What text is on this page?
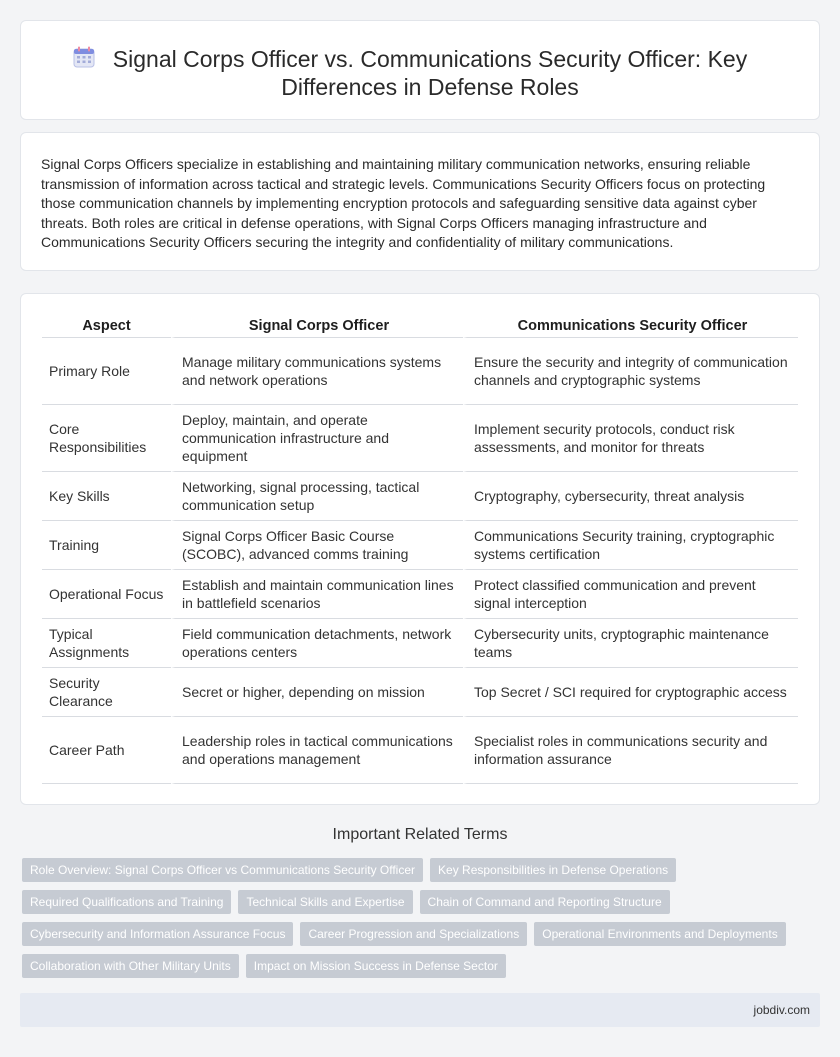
Signal Corps Officer vs. Communications Security Officer: Key Differences in Defense Roles

Signal Corps Officers specialize in establishing and maintaining military communication networks, ensuring reliable transmission of information across tactical and strategic levels. Communications Security Officers focus on protecting those communication channels by implementing encryption protocols and safeguarding sensitive data against cyber threats. Both roles are critical in defense operations, with Signal Corps Officers managing infrastructure and Communications Security Officers securing the integrity and confidentiality of military communications.

Aspect	Signal Corps Officer	Communications Security Officer
Primary Role	Manage military communications systems and network operations	Ensure the security and integrity of communication channels and cryptographic systems
Core Responsibilities	Deploy, maintain, and operate communication infrastructure and equipment	Implement security protocols, conduct risk assessments, and monitor for threats
Key Skills	Networking, signal processing, tactical communication setup	Cryptography, cybersecurity, threat analysis
Training	Signal Corps Officer Basic Course (SCOBC), advanced comms training	Communications Security training, cryptographic systems certification
Operational Focus	Establish and maintain communication lines in battlefield scenarios	Protect classified communication and prevent signal interception
Typical Assignments	Field communication detachments, network operations centers	Cybersecurity units, cryptographic maintenance teams
Security Clearance	Secret or higher, depending on mission	Top Secret / SCI required for cryptographic access
Career Path	Leadership roles in tactical communications and operations management	Specialist roles in communications security and information assurance
Important Related Terms
Role Overview: Signal Corps Officer vs Communications Security Officer	Key Responsibilities in Defense Operations
Required Qualifications and Training	Technical Skills and Expertise	Chain of Command and Reporting Structure
Cybersecurity and Information Assurance Focus	Career Progression and Specializations	Operational Environments and Deployments
Collaboration with Other Military Units	Impact on Mission Success in Defense Sector
jobdiv.com
